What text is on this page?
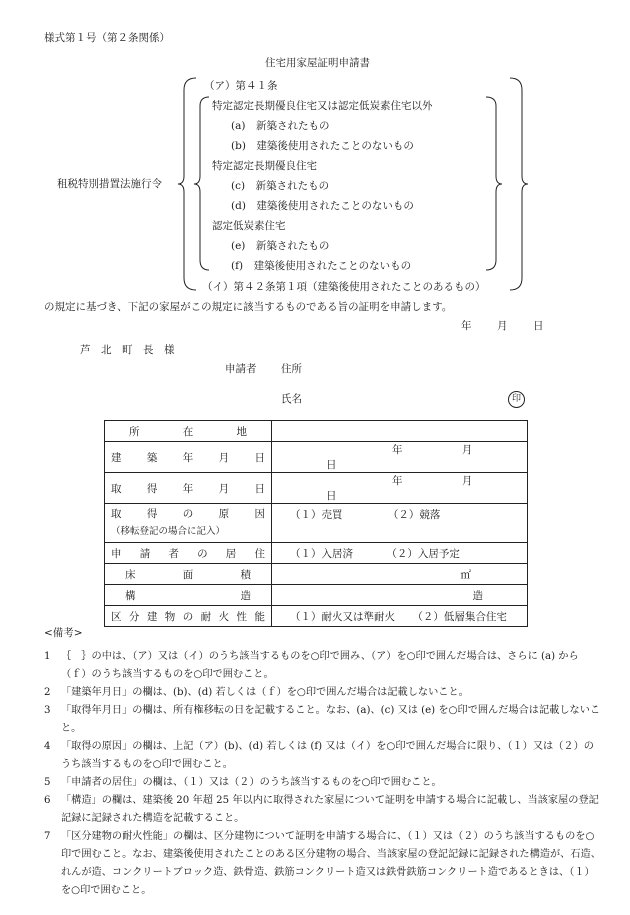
様式第１号（第２条関係）
住宅用家屋証明申請書
租税特別措置法施行令
（ア）第４１条
特定認定長期優良住宅又は認定低炭素住宅以外
(a)　新築されたもの
(b)　建築後使用されたことのないもの
特定認定長期優良住宅
(c)　新築されたもの
(d)　建築後使用されたことのないもの
認定低炭素住宅
(e)　新築されたもの
(f)　建築後使用されたことのないもの
（イ）第４２条第１項（建築後使用されたことのあるもの）
の規定に基づき、下記の家屋がこの規定に該当するものである旨の証明を申請します。
年 月 日
芦　北　町　長　様
申請者 住所
氏名	印
所在地	

建築年月日	年 月 日

取得年月日	年 月 日

取得の原因
（移転登記の場合に記入）	（１）売買 （２）競落

申請者の居住	（１）入居済 （２）入居予定

床面積	㎡

構造	造

区分建物の耐火性能	（１）耐火又は準耐火 （２）低層集合住宅
<備考>
1	｛　｝の中は、（ア）又は（イ）のうち該当するものを○印で囲み、（ア）を○印で囲んだ場合は、さらに (a) から（ｆ）のうち該当するものを○印で囲むこと。
2	「建築年月日」の欄は、(b)、(d) 若しくは（ｆ）を○印で囲んだ場合は記載しないこと。
3	「取得年月日」の欄は、所有権移転の日を記載すること。なお、(a)、(c) 又は (e) を○印で囲んだ場合は記載しないこと。
4	「取得の原因」の欄は、上記（ア）(b)、(d) 若しくは (f) 又は（イ）を○印で囲んだ場合に限り、（１）又は（２）のうち該当するものを○印で囲むこと。
5	「申請者の居住」の欄は、（１）又は（２）のうち該当するものを○印で囲むこと。
6	「構造」の欄は、建築後 20 年超 25 年以内に取得された家屋について証明を申請する場合に記載し、当該家屋の登記記録に記録された構造を記載すること。
7	「区分建物の耐火性能」の欄は、区分建物について証明を申請する場合に、（１）又は（２）のうち該当するものを○印で囲むこと。なお、建築後使用されたことのある区分建物の場合、当該家屋の登記記録に記録された構造が、石造、れんが造、コンクリートブロック造、鉄骨造、鉄筋コンクリート造又は鉄骨鉄筋コンクリート造であるときは、（１）を○印で囲むこと。
